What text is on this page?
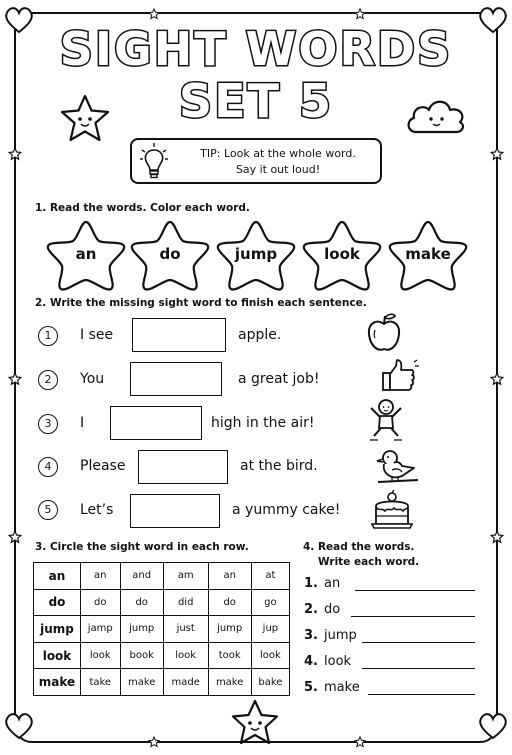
SIGHT WORDS
SET 5
TIP: Look at the whole word.
Say it out loud!
1. Read the words. Color each word.
an	do	jump	look	make
2. Write the missing sight word to finish each sentence.
1	I see	apple.
2	You	a great job!
3	I	high in the air!
4	Please	at the bird.
5	Let’s	a yummy cake!
3. Circle the sight word in each row.
an	an	and	am	an	at
do	do	do	did	do	go
jump	jamp	jump	just	jump	jup
look	look	book	look	took	look
make	take	make	made	make	bake
4. Read the words.
Write each word.
1. an
2. do
3. jump
4. look
5. make
